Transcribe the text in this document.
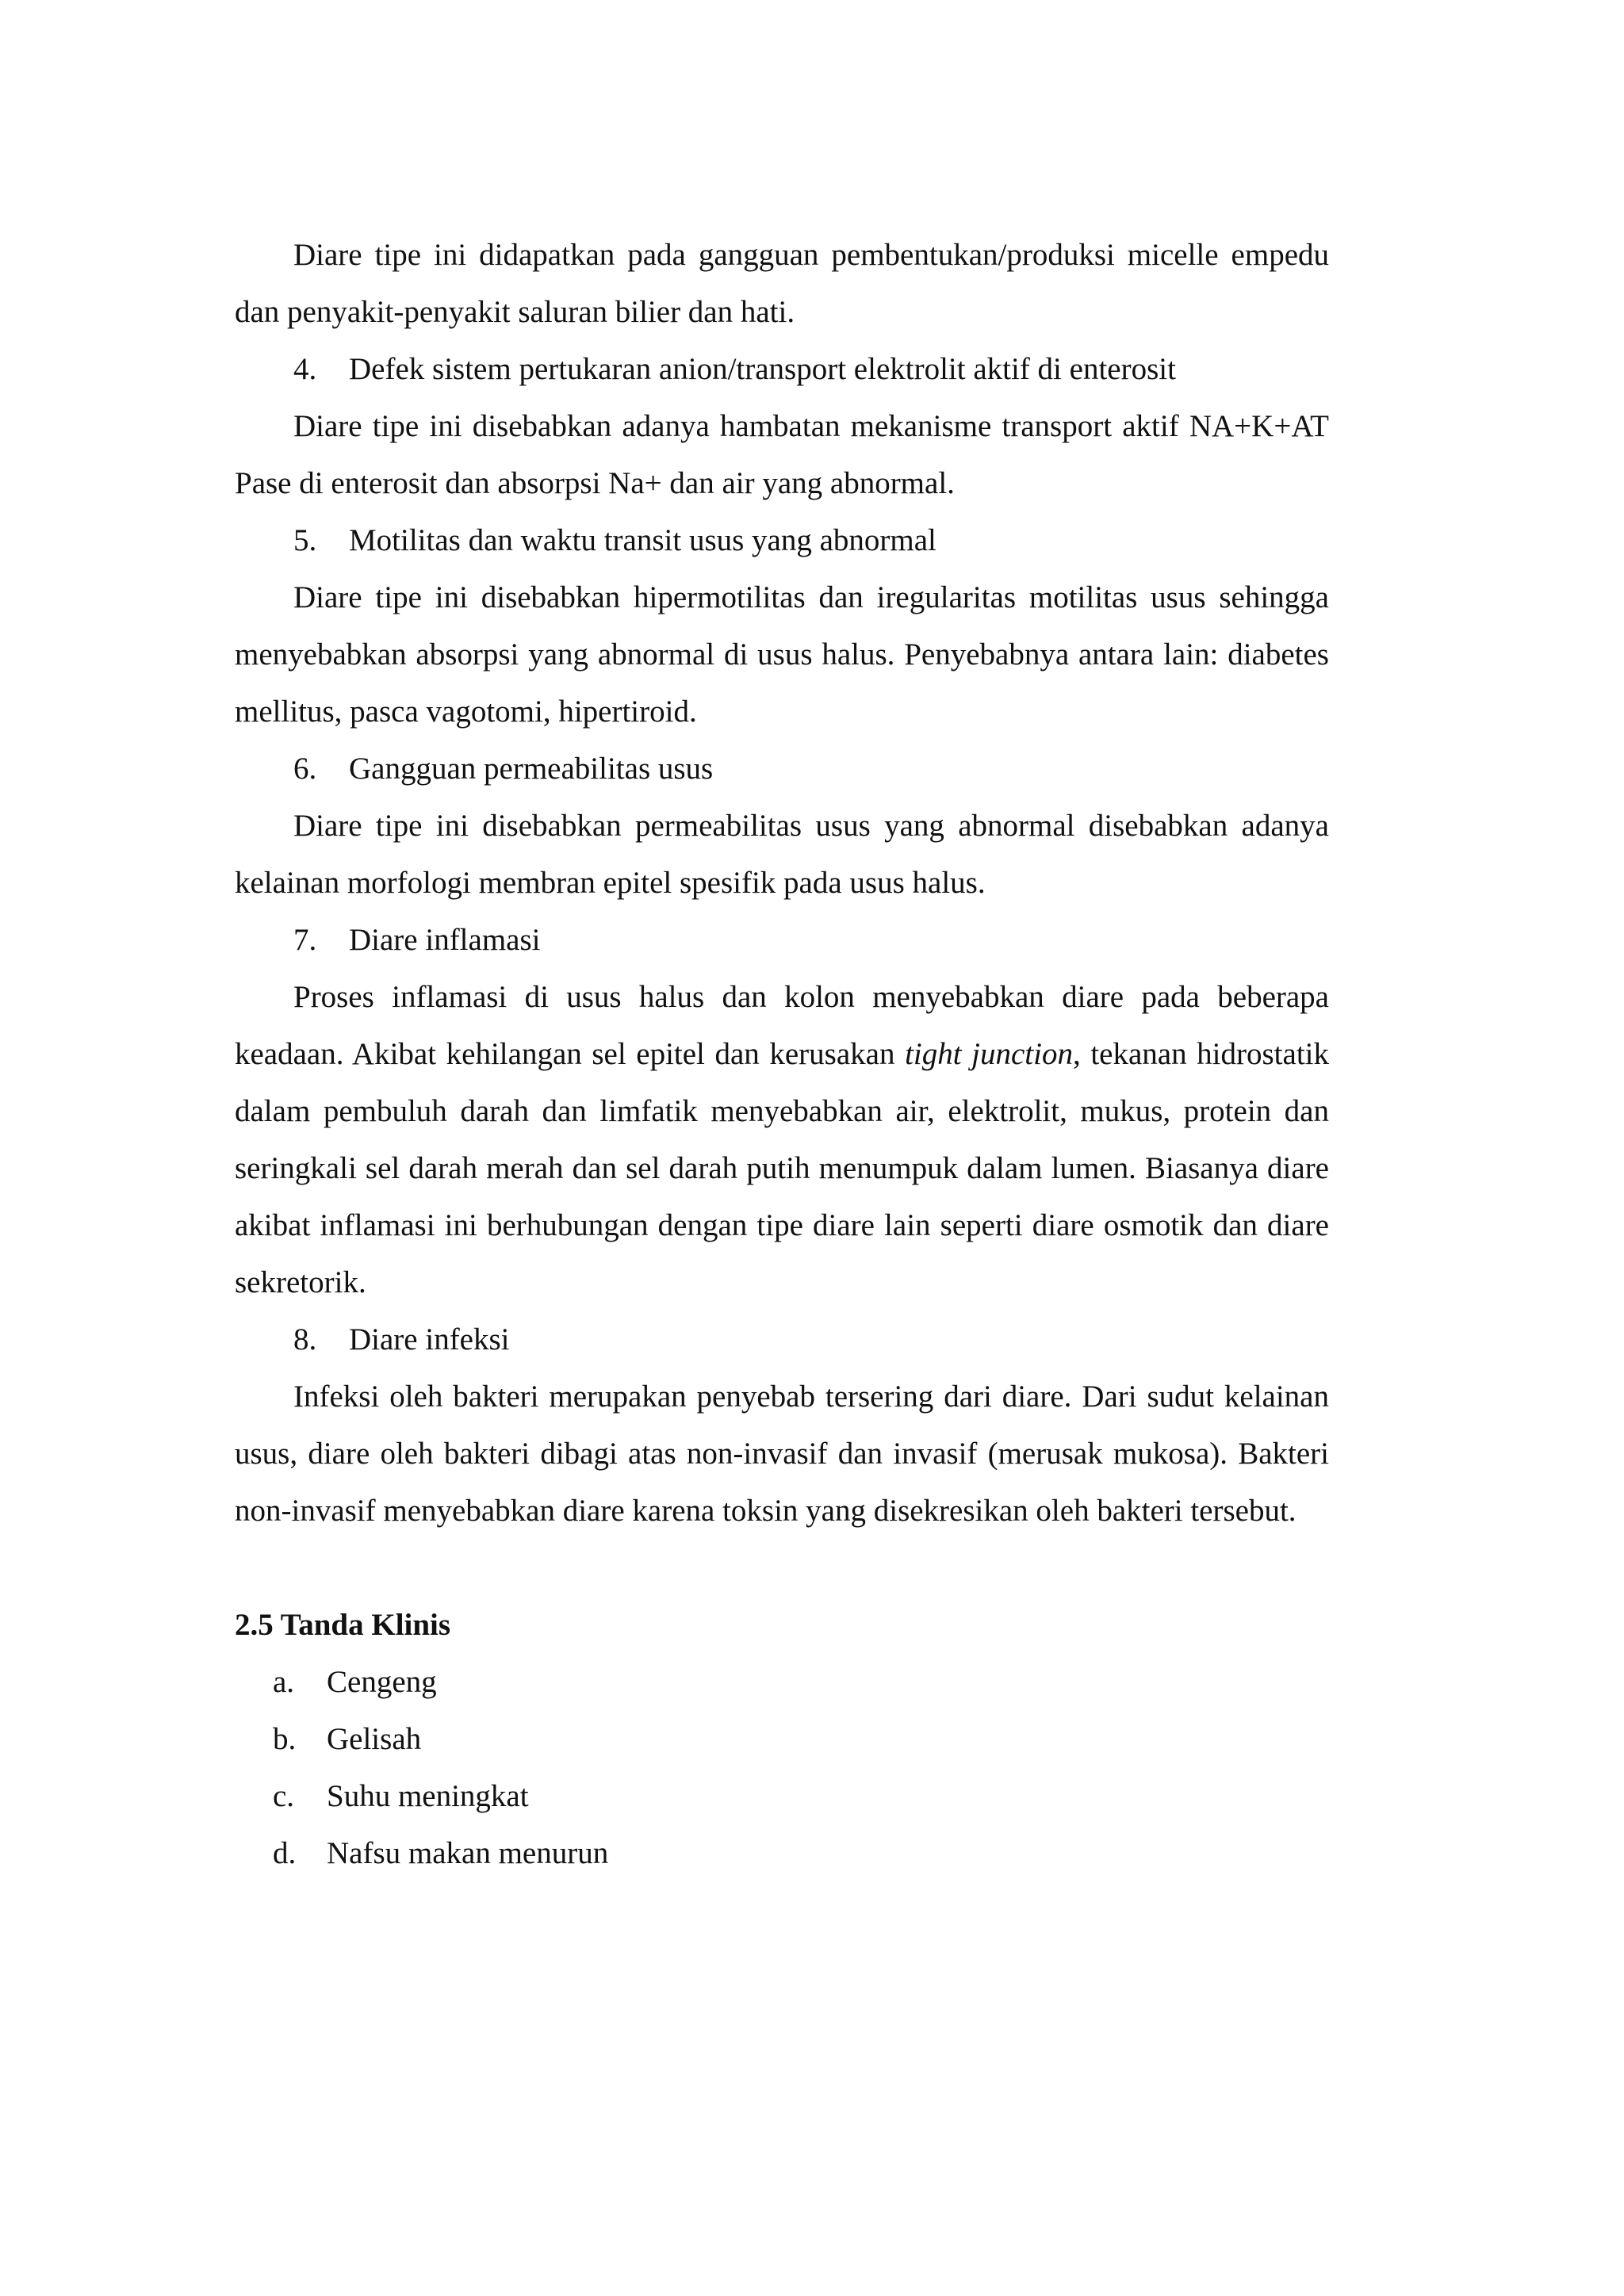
Diare tipe ini didapatkan pada gangguan pembentukan/produksi micelle empedu dan penyakit-penyakit saluran bilier dan hati.

4.	Defek sistem pertukaran anion/transport elektrolit aktif di enterosit

Diare tipe ini disebabkan adanya hambatan mekanisme transport aktif NA+K+AT Pase di enterosit dan absorpsi Na+ dan air yang abnormal.

5.	Motilitas dan waktu transit usus yang abnormal

Diare tipe ini disebabkan hipermotilitas dan iregularitas motilitas usus sehingga menyebabkan absorpsi yang abnormal di usus halus. Penyebabnya antara lain: diabetes mellitus, pasca vagotomi, hipertiroid.

6.	Gangguan permeabilitas usus

Diare tipe ini disebabkan permeabilitas usus yang abnormal disebabkan adanya kelainan morfologi membran epitel spesifik pada usus halus.

7.	Diare inflamasi

Proses inflamasi di usus halus dan kolon menyebabkan diare pada beberapa keadaan. Akibat kehilangan sel epitel dan kerusakan tight junction, tekanan hidrostatik dalam pembuluh darah dan limfatik menyebabkan air, elektrolit, mukus, protein dan seringkali sel darah merah dan sel darah putih menumpuk dalam lumen. Biasanya diare akibat inflamasi ini berhubungan dengan tipe diare lain seperti diare osmotik dan diare sekretorik.

8.	Diare infeksi

Infeksi oleh bakteri merupakan penyebab tersering dari diare. Dari sudut kelainan usus, diare oleh bakteri dibagi atas non-invasif dan invasif (merusak mukosa). Bakteri non-invasif menyebabkan diare karena toksin yang disekresikan oleh bakteri tersebut.

2.5 Tanda Klinis
a.	Cengeng
b. Gelisah
c.	Suhu meningkat
d. Nafsu makan menurun
